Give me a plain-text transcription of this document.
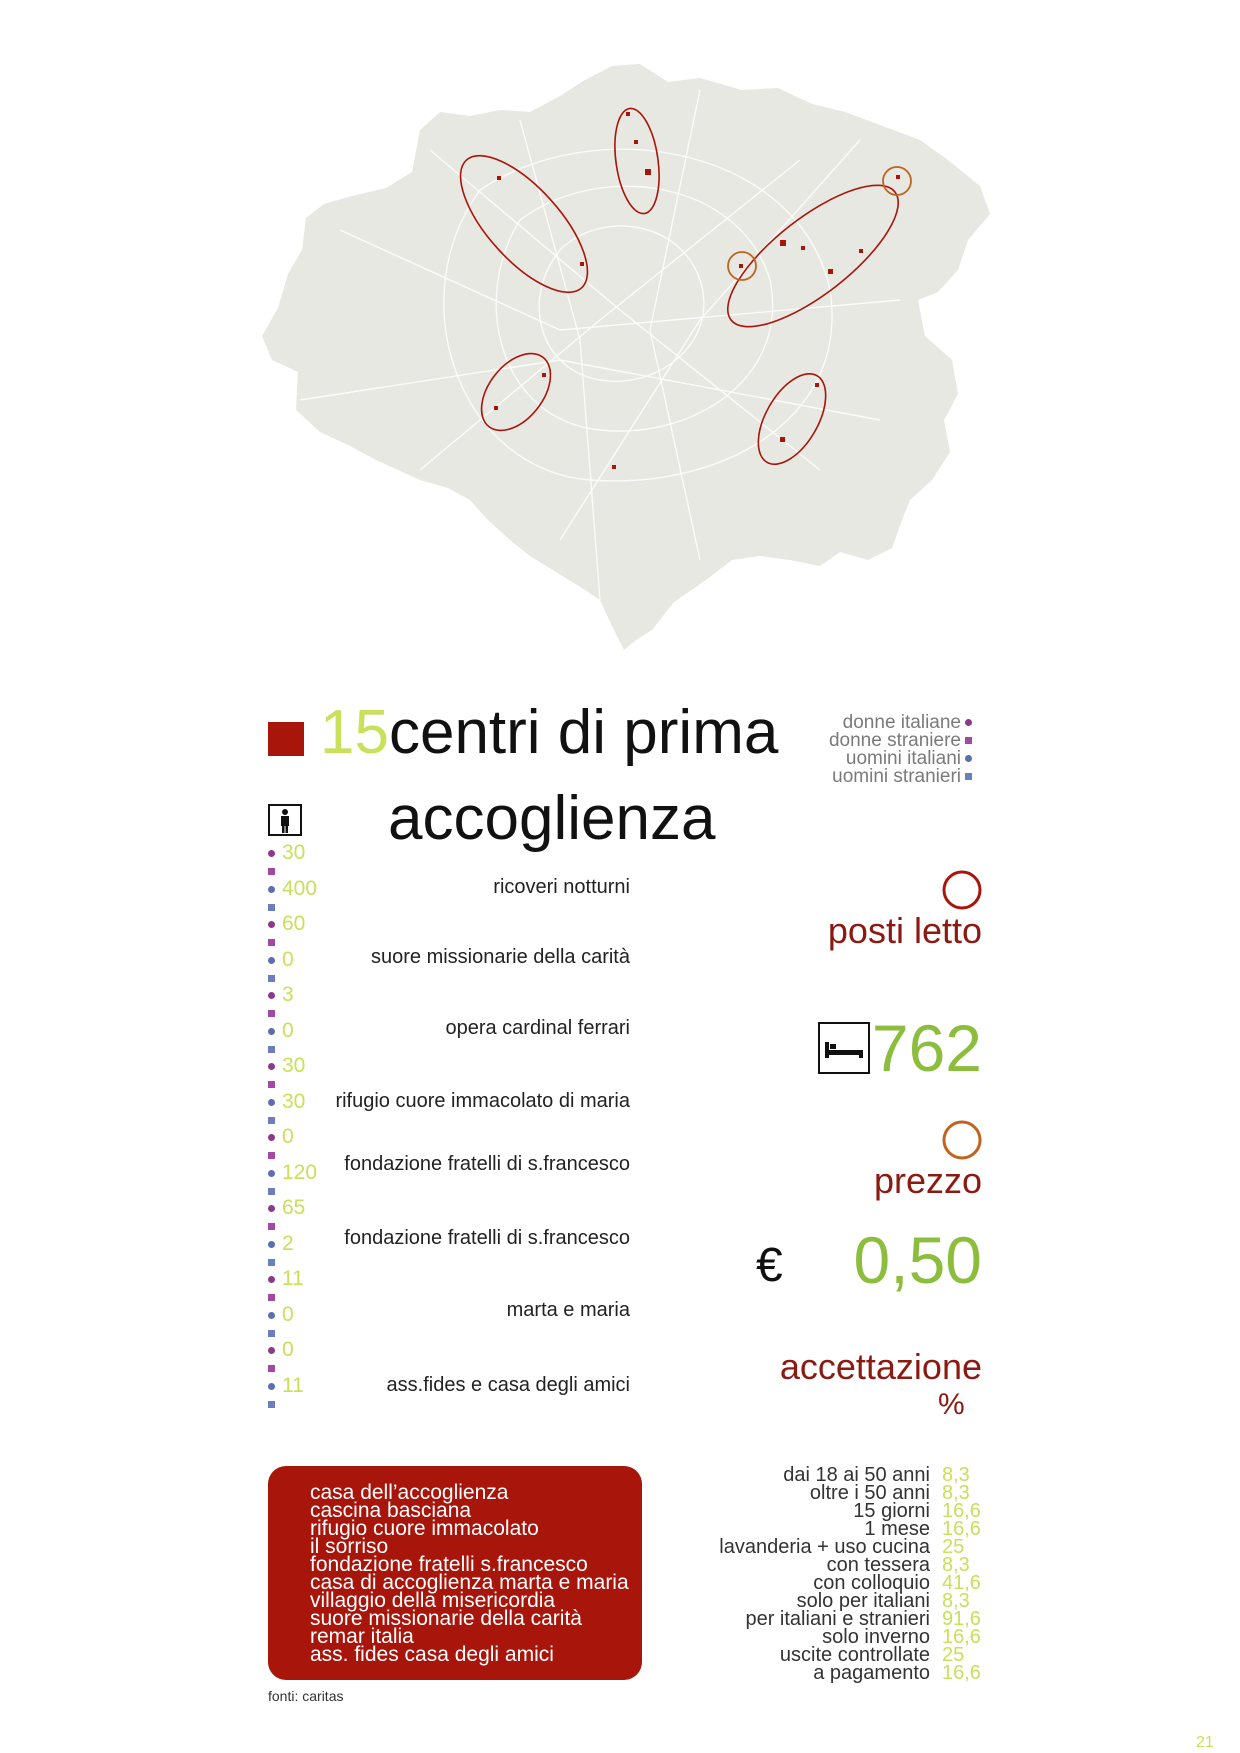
15centri di prima
accoglienza
donne italiane
donne straniere
uomini italiani
uomini stranieri
ricoveri notturni
30
400
suore missionarie della carità
60
0
opera cardinal ferrari
3
0
rifugio cuore immacolato di maria
30
30
fondazione fratelli di s.francesco
0
120
fondazione fratelli di s.francesco
65
2
marta e maria
11
0
ass.fides e casa degli amici
0
11
posti letto
762
prezzo
€ 0,50
accettazione
%
dai 18 ai 50 anni 8,3
oltre i 50 anni 8,3
15 giorni 16,6
1 mese 16,6
lavanderia + uso cucina 25
con tessera 8,3
con colloquio 41,6
solo per italiani 8,3
per italiani e stranieri 91,6
solo inverno 16,6
uscite controllate 25
a pagamento 16,6
casa dell’accoglienza
cascina basciana
rifugio cuore immacolato
il sorriso
fondazione fratelli s.francesco
casa di accoglienza marta e maria
villaggio della misericordia
suore missionarie della carità
remar italia
ass. fides casa degli amici
fonti: caritas
21
